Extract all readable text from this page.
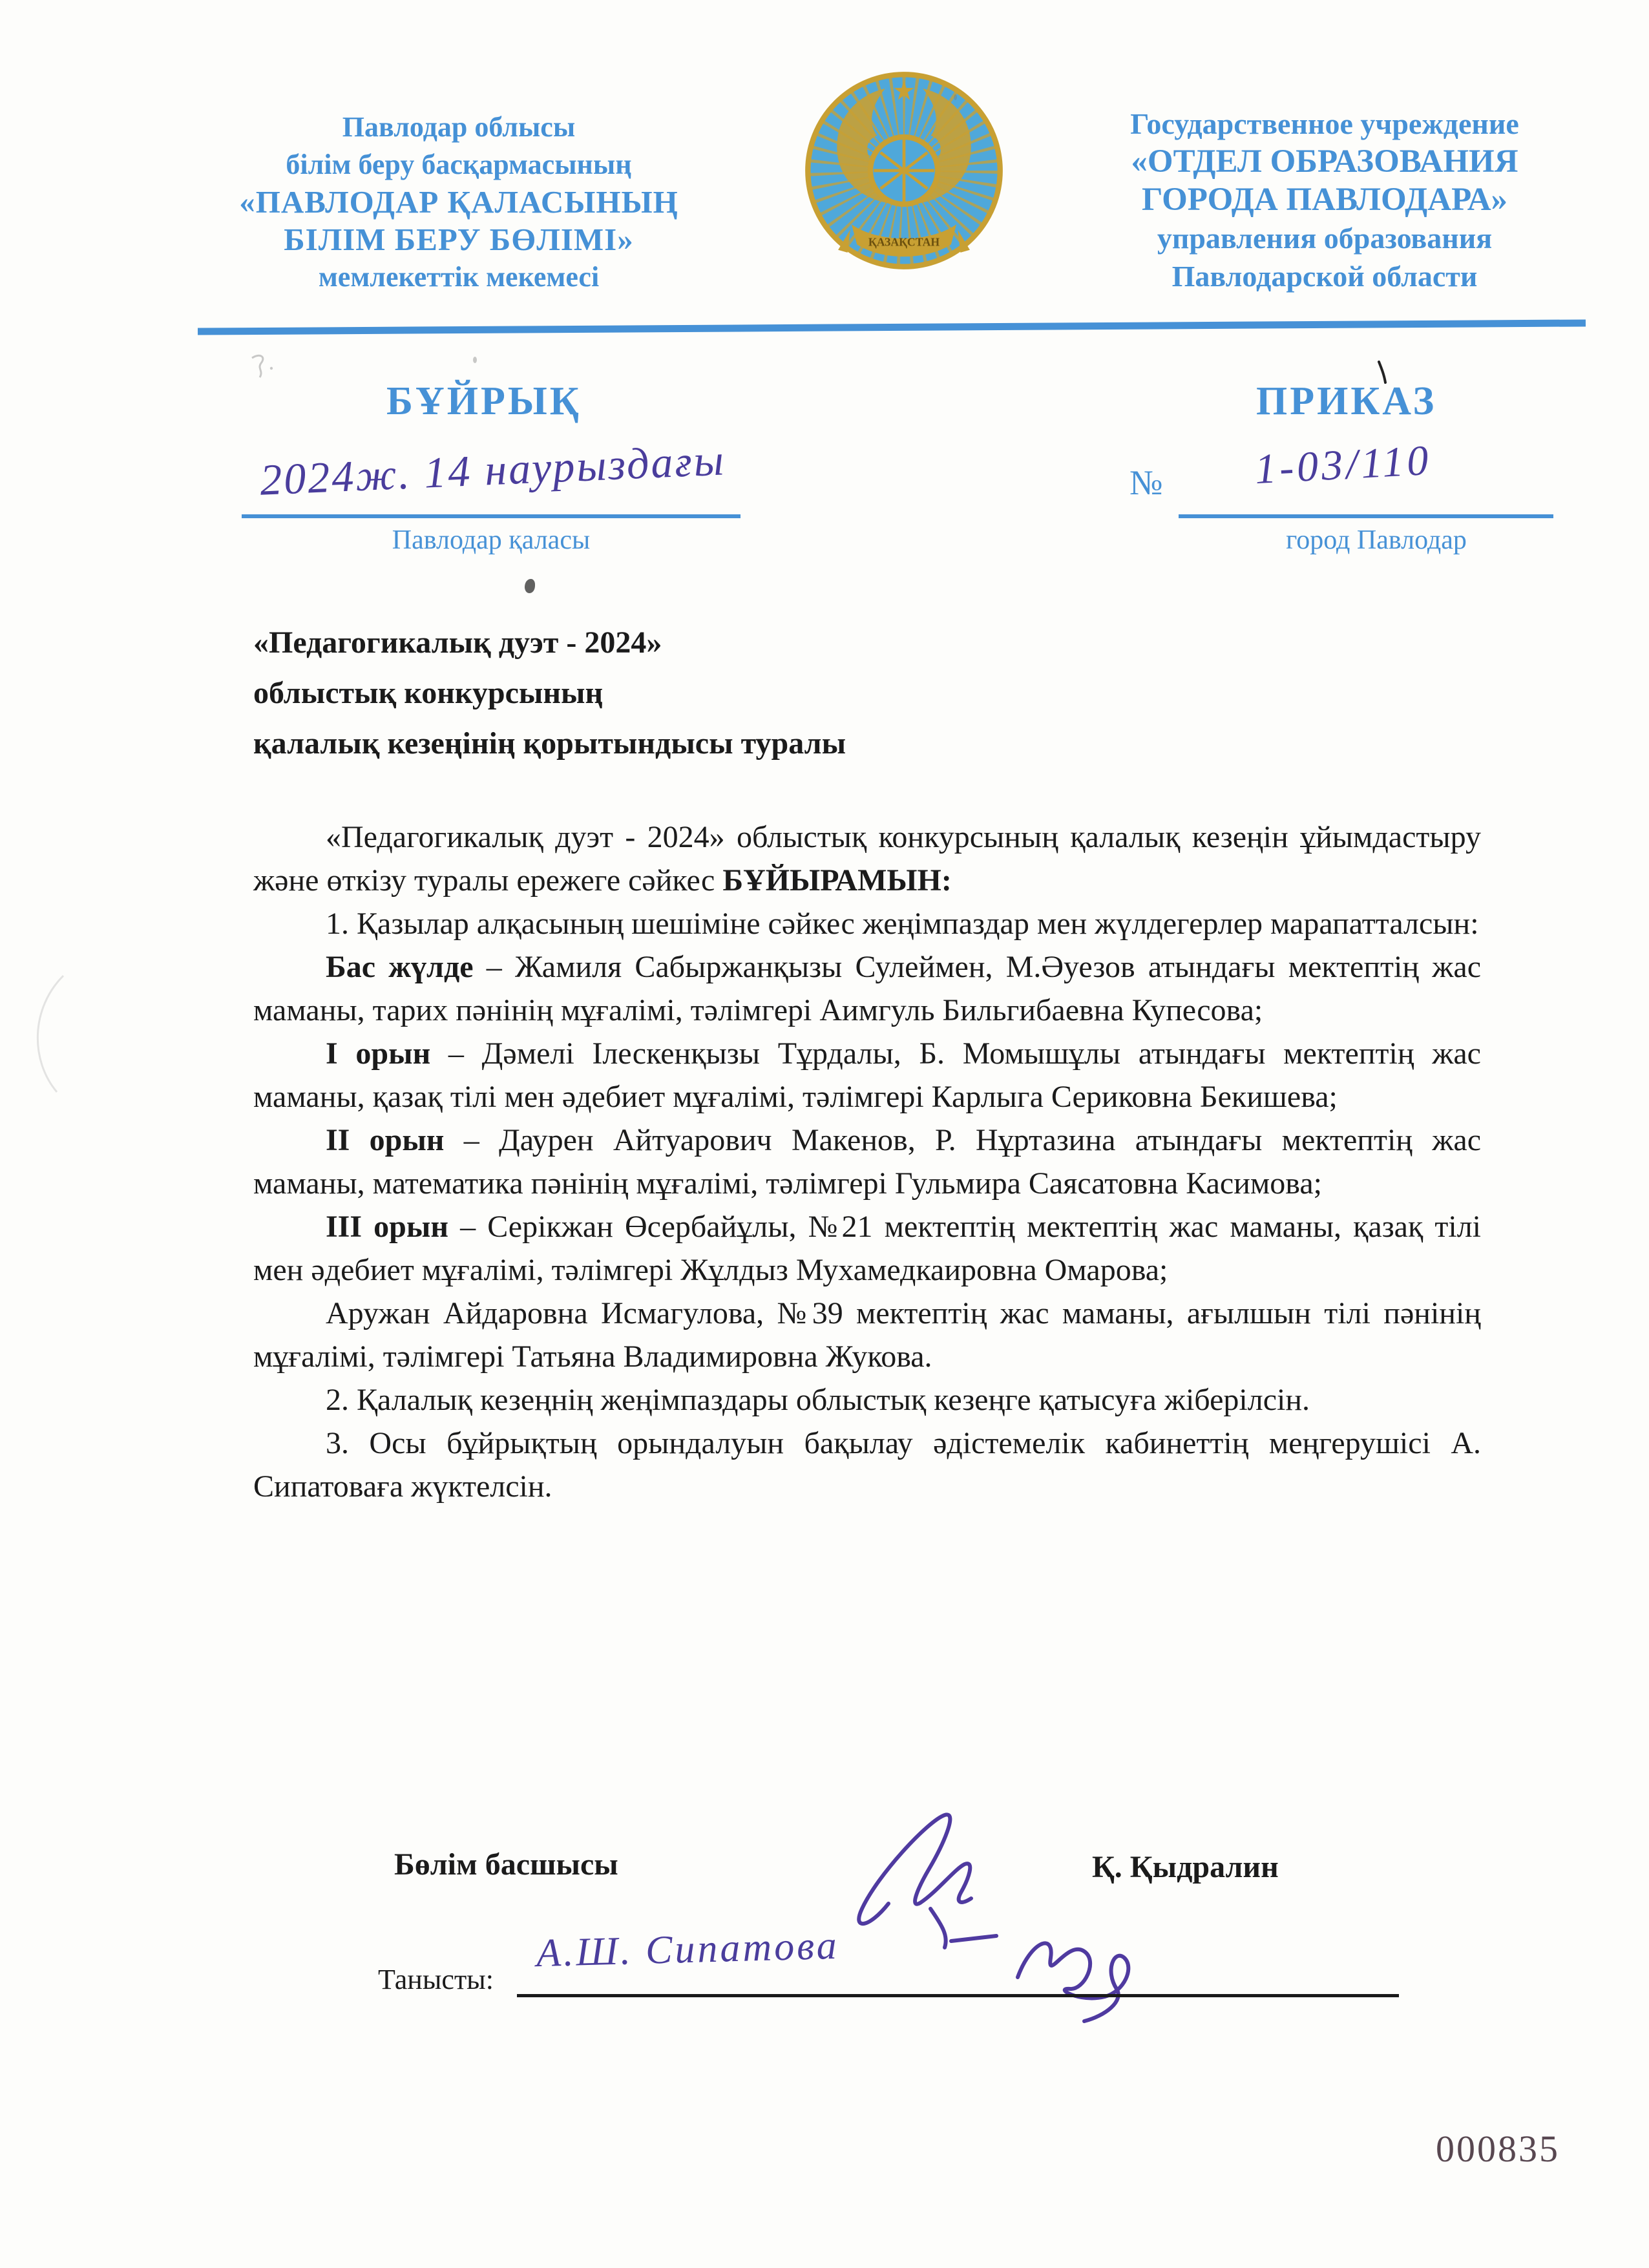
Павлодар облысы
білім беру басқармасының
«ПАВЛОДАР ҚАЛАСЫНЫҢ
БІЛІМ БЕРУ БӨЛІМІ»
мемлекеттік мекемесі
ҚАЗАҚСТАН
Государственное учреждение
«ОТДЕЛ ОБРАЗОВАНИЯ
ГОРОДА ПАВЛОДАРА»
управления образования
Павлодарской области
БҰЙРЫҚ	ПРИКАЗ
2024ж. 14 наурыздағы
Павлодар қаласы
№ 1-03/110
город Павлодар
«Педагогикалық дуэт - 2024»
облыстық конкурсының
қалалық кезеңінің қорытындысы туралы
«Педагогикалық дуэт - 2024» облыстық конкурсының қалалық кезеңін ұйымдастыру және өткізу туралы ережеге сәйкес БҰЙЫРАМЫН:
1. Қазылар алқасының шешіміне сәйкес жеңімпаздар мен жүлдегерлер марапатталсын:
Бас жүлде – Жамиля Сабыржанқызы Сулеймен, М.Әуезов атындағы мектептің жас маманы, тарих пәнінің мұғалімі, тәлімгері Аимгуль Бильгибаевна Купесова;
I орын – Дәмелі Ілескенқызы Тұрдалы, Б. Момышұлы атындағы мектептің жас маманы, қазақ тілі мен әдебиет мұғалімі, тәлімгері Карлыга Сериковна Бекишева;
II орын – Даурен Айтуарович Макенов, Р. Нұртазина атындағы мектептің жас маманы, математика пәнінің мұғалімі, тәлімгері Гульмира Саясатовна Касимова;
III орын – Серікжан Өсербайұлы, №21 мектептің мектептің жас маманы, қазақ тілі мен әдебиет мұғалімі, тәлімгері Жұлдыз Мухамедкаировна Омарова;
Аружан Айдаровна Исмагулова, №39 мектептің жас маманы, ағылшын тілі пәнінің мұғалімі, тәлімгері Татьяна Владимировна Жукова.
2. Қалалық кезеңнің жеңімпаздары облыстық кезеңге қатысуға жіберілсін.
3. Осы бұйрықтың орындалуын бақылау әдістемелік кабинеттің меңгерушісі А. Сипатоваға жүктелсін.
Бөлім басшысы	Қ. Қыдралин
Танысты:
А.Ш. Сипатова
000835
